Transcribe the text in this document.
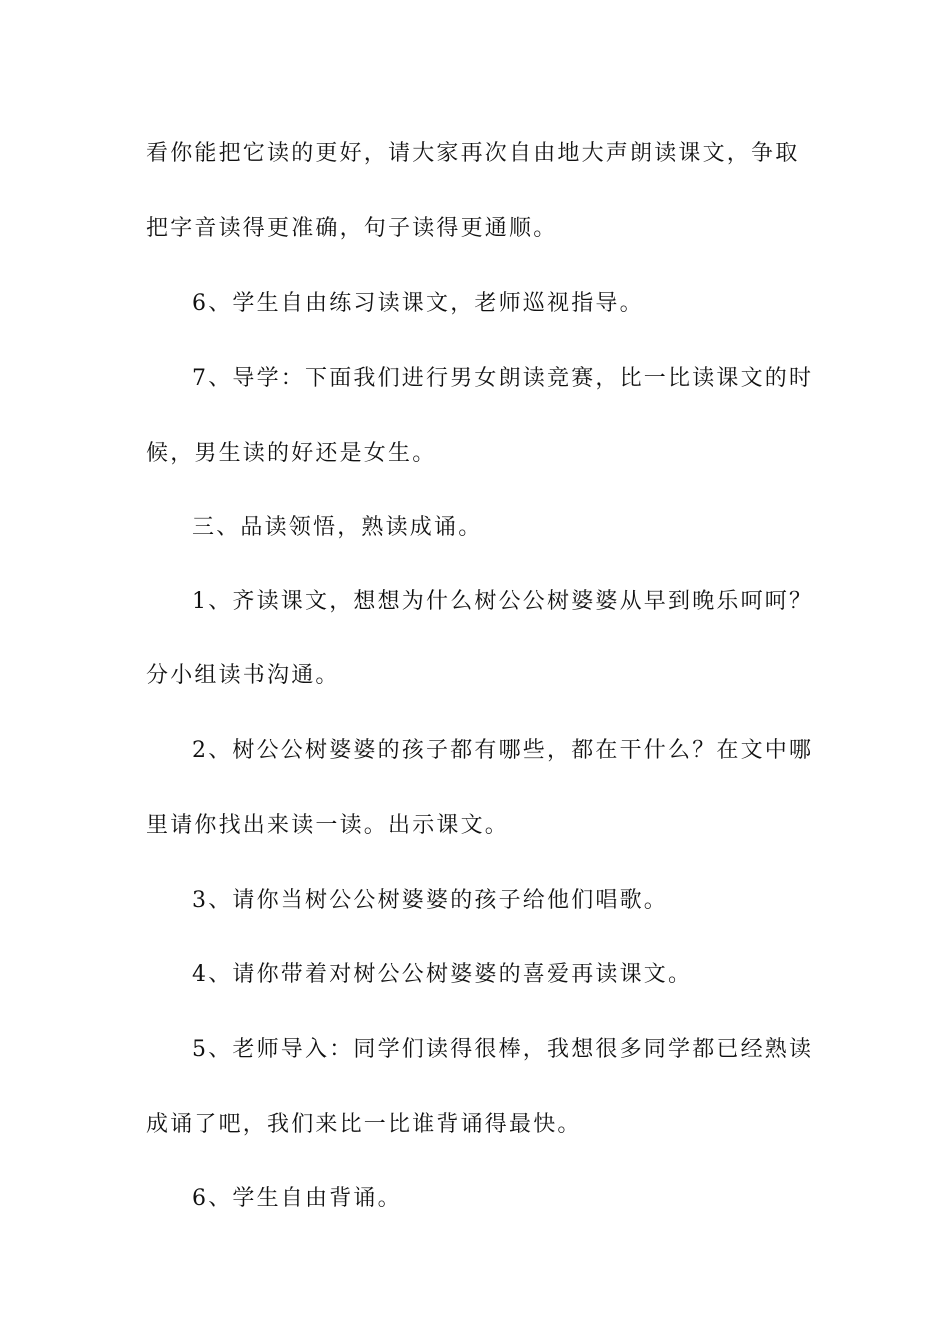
看你能把它读的更好，请大家再次自由地大声朗读课文，争取
把字音读得更准确，句子读得更通顺。
6、学生自由练习读课文，老师巡视指导。
7、导学：下面我们进行男女朗读竞赛，比一比读课文的时
候，男生读的好还是女生。
三、品读领悟，熟读成诵。
1、齐读课文，想想为什么树公公树婆婆从早到晚乐呵呵？
分小组读书沟通。
2、树公公树婆婆的孩子都有哪些，都在干什么？在文中哪
里请你找出来读一读。出示课文。
3、请你当树公公树婆婆的孩子给他们唱歌。
4、请你带着对树公公树婆婆的喜爱再读课文。
5、老师导入：同学们读得很棒，我想很多同学都已经熟读
成诵了吧，我们来比一比谁背诵得最快。
6、学生自由背诵。
